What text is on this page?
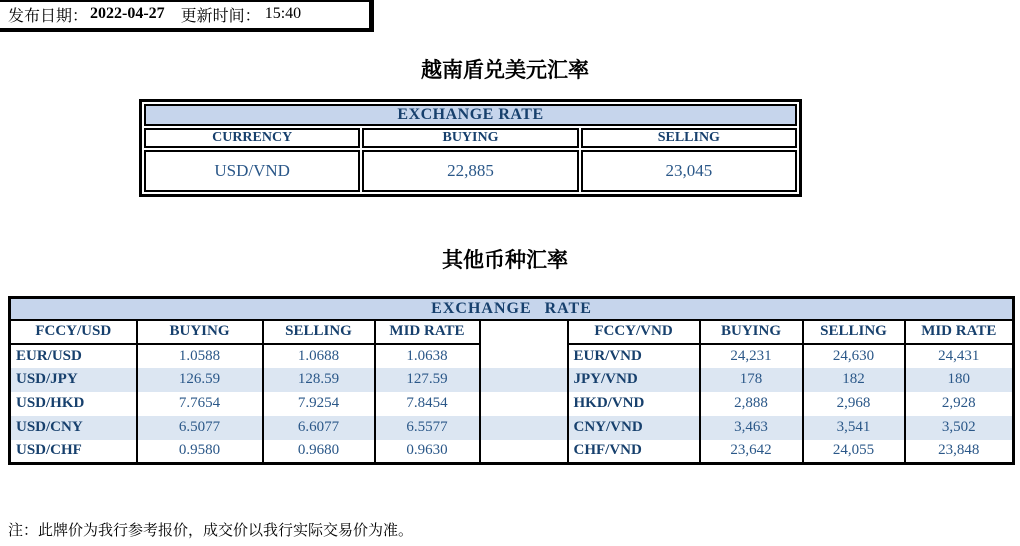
发布日期： 2022-04-27 更新时间： 15:40
越南盾兑美元汇率
EXCHANGE RATE		
CURRENCY	BUYING	SELLING
USD/VND	22,885	23,045
其他币种汇率
EXCHANGE RATE								
FCCY/USD	BUYING	SELLING	MID RATE		FCCY/VND	BUYING	SELLING	MID RATE
EUR/USD	1.0588	1.0688	1.0638		EUR/VND	24,231	24,630	24,431
USD/JPY	126.59	128.59	127.59		JPY/VND	178	182	180
USD/HKD	7.7654	7.9254	7.8454		HKD/VND	2,888	2,968	2,928
USD/CNY	6.5077	6.6077	6.5577		CNY/VND	3,463	3,541	3,502
USD/CHF	0.9580	0.9680	0.9630		CHF/VND	23,642	24,055	23,848
注：此牌价为我行参考报价，成交价以我行实际交易价为准。
